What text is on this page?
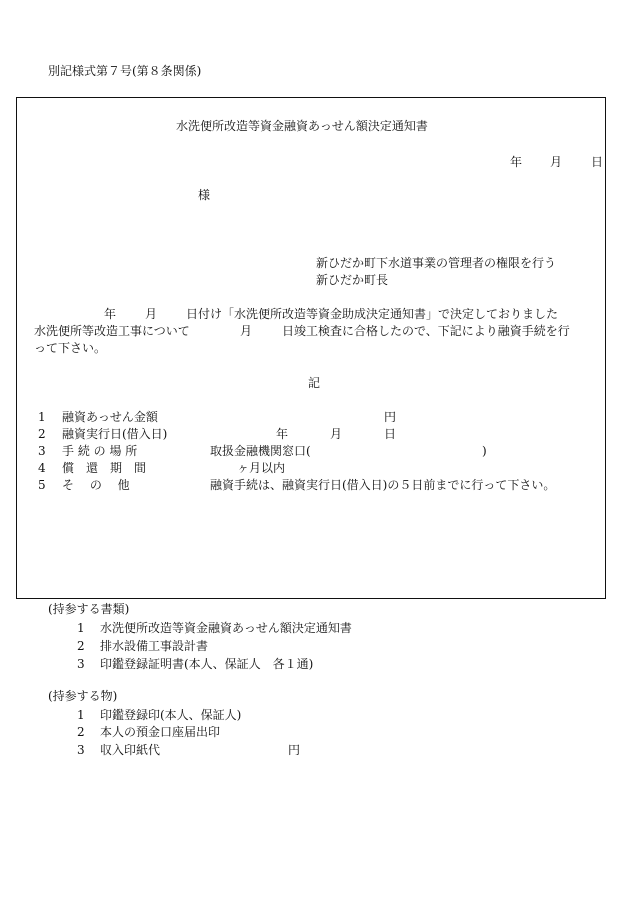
別記様式第７号(第８条関係)
水洗便所改造等資金融資あっせん額決定通知書
年 月 日
様
新ひだか町下水道事業の管理者の権限を行う
新ひだか町長
年 月 日付け「水洗便所改造等資金助成決定通知書」で決定しておりました
水洗便所等改造工事について	月 日竣工検査に合格したので、下記により融資手続を行
って下さい。
記
1 融資あっせん金額	円
2 融資実行日(借入日)	年	月	日
3 手 続 の 場 所	取扱金融機関窓口(	)
4 償　還　期　間	ヶ月以内
5 そ　 の　 他	融資手続は、融資実行日(借入日)の５日前までに行って下さい。
(持参する書類)
1 水洗便所改造等資金融資あっせん額決定通知書
2 排水設備工事設計書
3 印鑑登録証明書(本人、保証人　各１通)
(持参する物)
1 印鑑登録印(本人、保証人)
2 本人の預金口座届出印
3 収入印紙代	円
